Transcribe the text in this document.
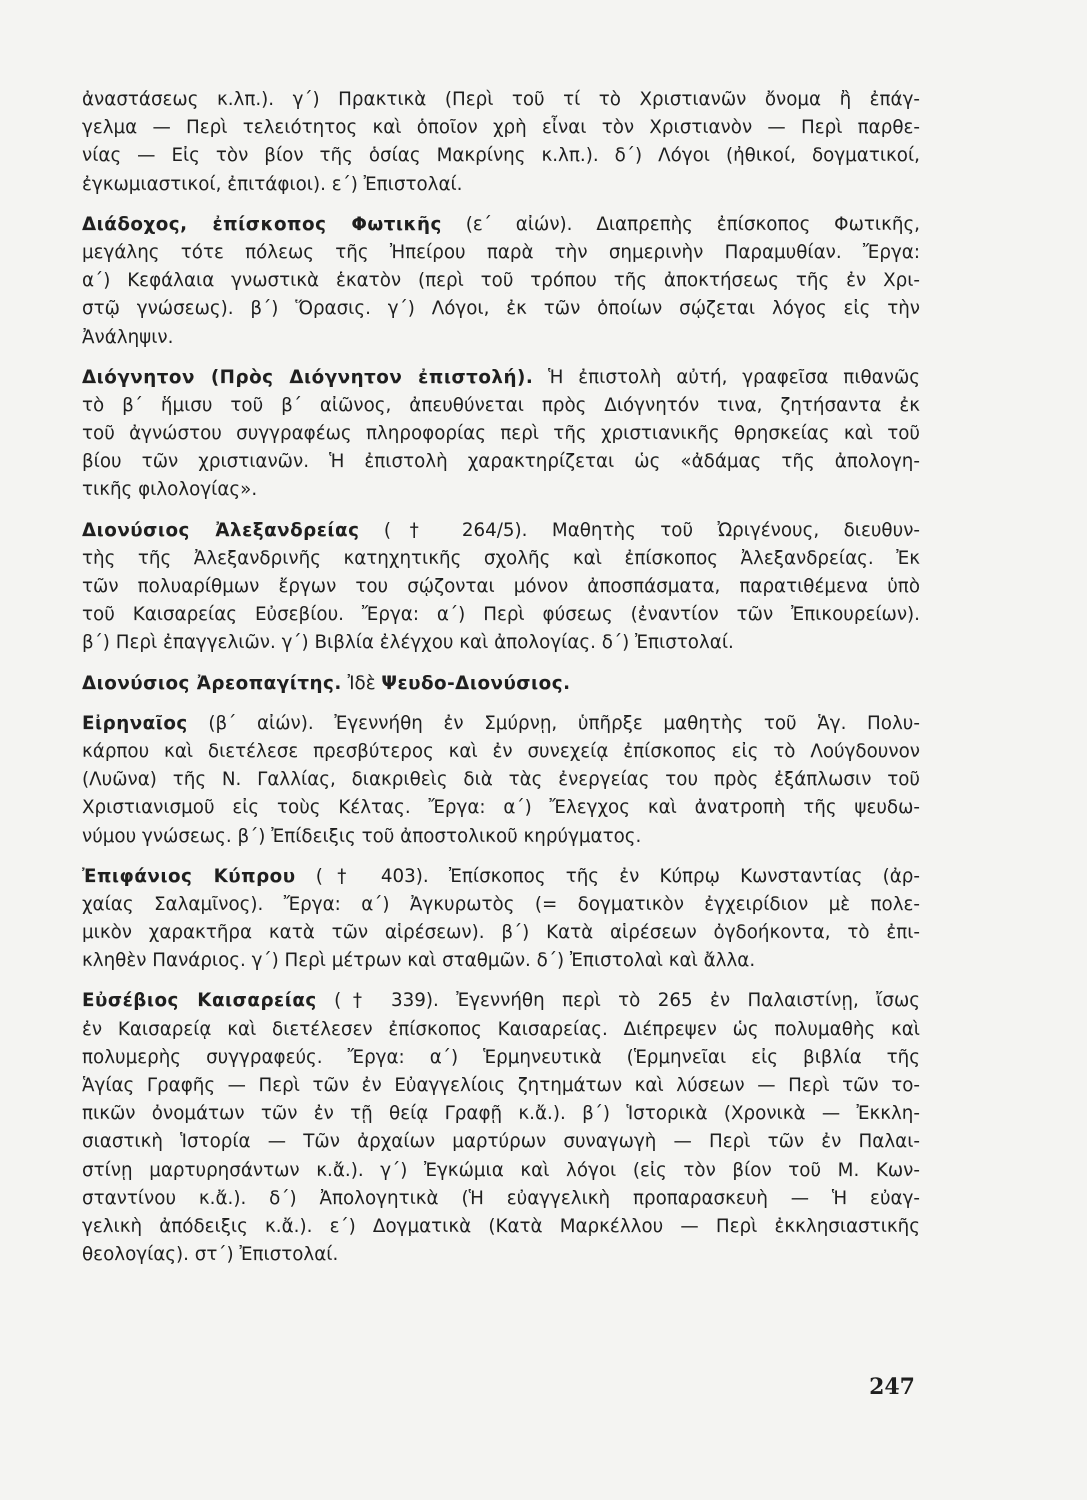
ἀναστάσεως κ.λπ.). γ΄) Πρακτικὰ (Περὶ τοῦ τί τὸ Χριστιανῶν ὄνομα ἢ ἐπάγ-
γελμα — Περὶ τελειότητος καὶ ὁποῖον χρὴ εἶναι τὸν Χριστιανὸν — Περὶ παρθε-
νίας — Εἰς τὸν βίον τῆς ὁσίας Μακρίνης κ.λπ.). δ΄) Λόγοι (ἠθικοί, δογματικοί,
ἐγκωμιαστικοί, ἐπιτάφιοι). ε΄) Ἐπιστολαί.
Διάδοχος, ἐπίσκοπος Φωτικῆς (ε΄ αἰών). Διαπρεπὴς ἐπίσκοπος Φωτικῆς,
μεγάλης τότε πόλεως τῆς Ἠπείρου παρὰ τὴν σημερινὴν Παραμυθίαν. Ἔργα:
α΄) Κεφάλαια γνωστικὰ ἑκατὸν (περὶ τοῦ τρόπου τῆς ἀποκτήσεως τῆς ἐν Χρι-
στῷ γνώσεως). β΄) Ὅρασις. γ΄) Λόγοι, ἐκ τῶν ὁποίων σῴζεται λόγος εἰς τὴν
Ἀνάληψιν.
Διόγνητον (Πρὸς Διόγνητον ἐπιστολή). Ἡ ἐπιστολὴ αὐτή, γραφεῖσα πιθανῶς
τὸ β΄ ἥμισυ τοῦ β΄ αἰῶνος, ἀπευθύνεται πρὸς Διόγνητόν τινα, ζητήσαντα ἐκ
τοῦ ἀγνώστου συγγραφέως πληροφορίας περὶ τῆς χριστιανικῆς θρησκείας καὶ τοῦ
βίου τῶν χριστιανῶν. Ἡ ἐπιστολὴ χαρακτηρίζεται ὡς «ἀδάμας τῆς ἀπολογη-
τικῆς φιλολογίας».
Διονύσιος Ἀλεξανδρείας († 264/5). Μαθητὴς τοῦ Ὠριγένους, διευθυν-
τὴς τῆς Ἀλεξανδρινῆς κατηχητικῆς σχολῆς καὶ ἐπίσκοπος Ἀλεξανδρείας. Ἐκ
τῶν πολυαρίθμων ἔργων του σῴζονται μόνον ἀποσπάσματα, παρατιθέμενα ὑπὸ
τοῦ Καισαρείας Εὐσεβίου. Ἔργα: α΄) Περὶ φύσεως (ἐναντίον τῶν Ἐπικουρείων).
β΄) Περὶ ἐπαγγελιῶν. γ΄) Βιβλία ἐλέγχου καὶ ἀπολογίας. δ΄) Ἐπιστολαί.
Διονύσιος Ἀρεοπαγίτης. Ἰδὲ Ψευδο-Διονύσιος.
Εἰρηναῖος (β΄ αἰών). Ἐγεννήθη ἐν Σμύρνῃ, ὑπῆρξε μαθητὴς τοῦ Ἁγ. Πολυ-
κάρπου καὶ διετέλεσε πρεσβύτερος καὶ ἐν συνεχείᾳ ἐπίσκοπος εἰς τὸ Λούγδουνον
(Λυῶνα) τῆς Ν. Γαλλίας, διακριθεὶς διὰ τὰς ἐνεργείας του πρὸς ἐξάπλωσιν τοῦ
Χριστιανισμοῦ εἰς τοὺς Κέλτας. Ἔργα: α΄) Ἔλεγχος καὶ ἀνατροπὴ τῆς ψευδω-
νύμου γνώσεως. β΄) Ἐπίδειξις τοῦ ἀποστολικοῦ κηρύγματος.
Ἐπιφάνιος Κύπρου († 403). Ἐπίσκοπος τῆς ἐν Κύπρῳ Κωνσταντίας (ἀρ-
χαίας Σαλαμῖνος). Ἔργα: α΄) Ἀγκυρωτὸς (= δογματικὸν ἐγχειρίδιον μὲ πολε-
μικὸν χαρακτῆρα κατὰ τῶν αἱρέσεων). β΄) Κατὰ αἱρέσεων ὀγδοήκοντα, τὸ ἐπι-
κληθὲν Πανάριος. γ΄) Περὶ μέτρων καὶ σταθμῶν. δ΄) Ἐπιστολαὶ καὶ ἄλλα.
Εὐσέβιος Καισαρείας († 339). Ἐγεννήθη περὶ τὸ 265 ἐν Παλαιστίνῃ, ἴσως
ἐν Καισαρείᾳ καὶ διετέλεσεν ἐπίσκοπος Καισαρείας. Διέπρεψεν ὡς πολυμαθὴς καὶ
πολυμερὴς συγγραφεύς. Ἔργα: α΄) Ἑρμηνευτικὰ (Ἑρμηνεῖαι εἰς βιβλία τῆς
Ἁγίας Γραφῆς — Περὶ τῶν ἐν Εὐαγγελίοις ζητημάτων καὶ λύσεων — Περὶ τῶν το-
πικῶν ὀνομάτων τῶν ἐν τῇ θείᾳ Γραφῇ κ.ἄ.). β΄) Ἱστορικὰ (Χρονικὰ — Ἐκκλη-
σιαστικὴ Ἱστορία — Τῶν ἀρχαίων μαρτύρων συναγωγὴ — Περὶ τῶν ἐν Παλαι-
στίνῃ μαρτυρησάντων κ.ἄ.). γ΄) Ἐγκώμια καὶ λόγοι (εἰς τὸν βίον τοῦ Μ. Κων-
σταντίνου κ.ἄ.). δ΄) Ἀπολογητικὰ (Ἡ εὐαγγελικὴ προπαρασκευὴ — Ἡ εὐαγ-
γελικὴ ἀπόδειξις κ.ἄ.). ε΄) Δογματικὰ (Κατὰ Μαρκέλλου — Περὶ ἐκκλησιαστικῆς
θεολογίας). στ΄) Ἐπιστολαί.
247
